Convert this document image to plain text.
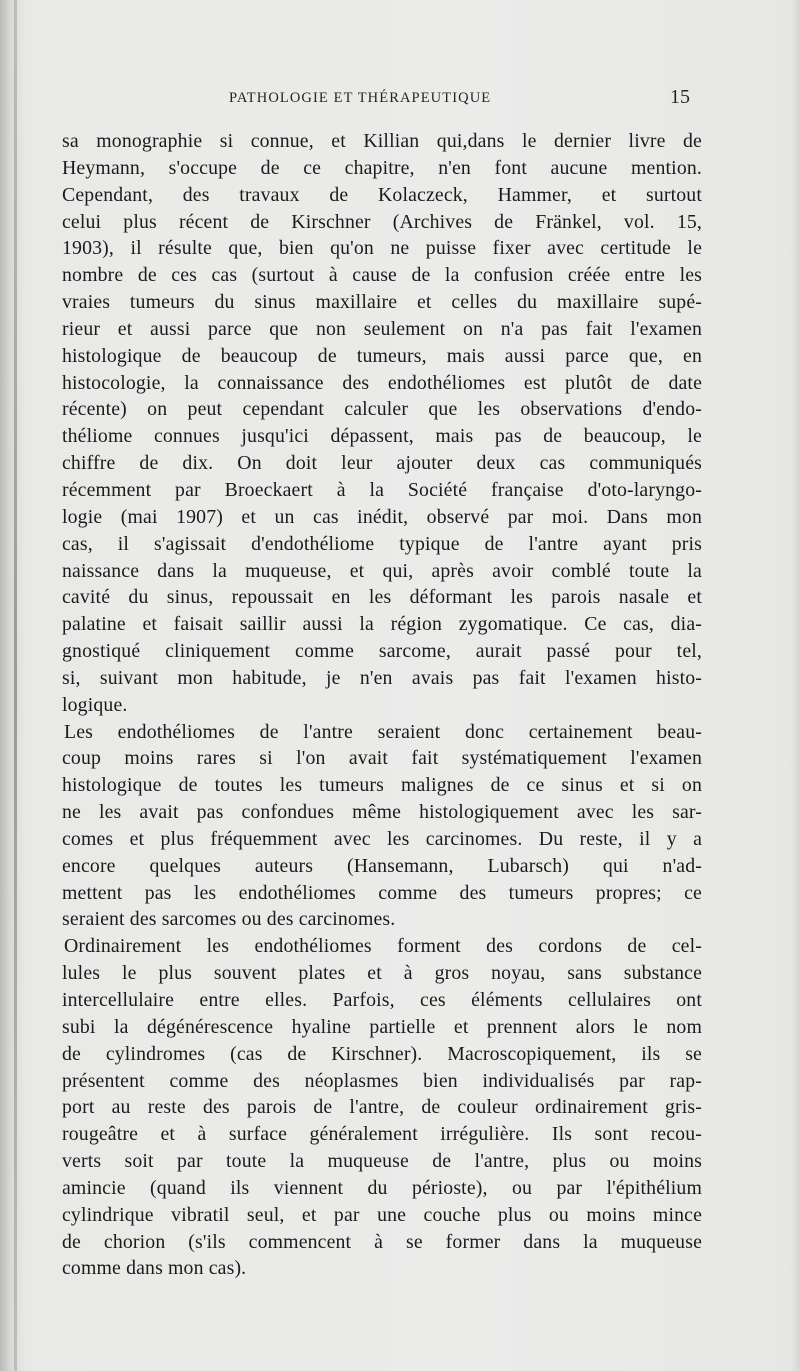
PATHOLOGIE ET THÉRAPEUTIQUE	15
sa monographie si connue, et Killian qui,dans le dernier livre de
Heymann, s'occupe de ce chapitre, n'en font aucune mention.
Cependant, des travaux de Kolaczeck, Hammer, et surtout
celui plus récent de Kirschner (Archives de Fränkel, vol. 15,
1903), il résulte que, bien qu'on ne puisse fixer avec certitude le
nombre de ces cas (surtout à cause de la confusion créée entre les
vraies tumeurs du sinus maxillaire et celles du maxillaire supé-
rieur et aussi parce que non seulement on n'a pas fait l'examen
histologique de beaucoup de tumeurs, mais aussi parce que, en
histocologie, la connaissance des endothéliomes est plutôt de date
récente) on peut cependant calculer que les observations d'endo-
théliome connues jusqu'ici dépassent, mais pas de beaucoup, le
chiffre de dix. On doit leur ajouter deux cas communiqués
récemment par Broeckaert à la Société française d'oto-laryngo-
logie (mai 1907) et un cas inédit, observé par moi. Dans mon
cas, il s'agissait d'endothéliome typique de l'antre ayant pris
naissance dans la muqueuse, et qui, après avoir comblé toute la
cavité du sinus, repoussait en les déformant les parois nasale et
palatine et faisait saillir aussi la région zygomatique. Ce cas, dia-
gnostiqué cliniquement comme sarcome, aurait passé pour tel,
si, suivant mon habitude, je n'en avais pas fait l'examen histo-
logique.
Les endothéliomes de l'antre seraient donc certainement beau-
coup moins rares si l'on avait fait systématiquement l'examen
histologique de toutes les tumeurs malignes de ce sinus et si on
ne les avait pas confondues même histologiquement avec les sar-
comes et plus fréquemment avec les carcinomes. Du reste, il y a
encore quelques auteurs (Hansemann, Lubarsch) qui n'ad-
mettent pas les endothéliomes comme des tumeurs propres; ce
seraient des sarcomes ou des carcinomes.
Ordinairement les endothéliomes forment des cordons de cel-
lules le plus souvent plates et à gros noyau, sans substance
intercellulaire entre elles. Parfois, ces éléments cellulaires ont
subi la dégénérescence hyaline partielle et prennent alors le nom
de cylindromes (cas de Kirschner). Macroscopiquement, ils se
présentent comme des néoplasmes bien individualisés par rap-
port au reste des parois de l'antre, de couleur ordinairement gris-
rougeâtre et à surface généralement irrégulière. Ils sont recou-
verts soit par toute la muqueuse de l'antre, plus ou moins
amincie (quand ils viennent du périoste), ou par l'épithélium
cylindrique vibratil seul, et par une couche plus ou moins mince
de chorion (s'ils commencent à se former dans la muqueuse
comme dans mon cas).
